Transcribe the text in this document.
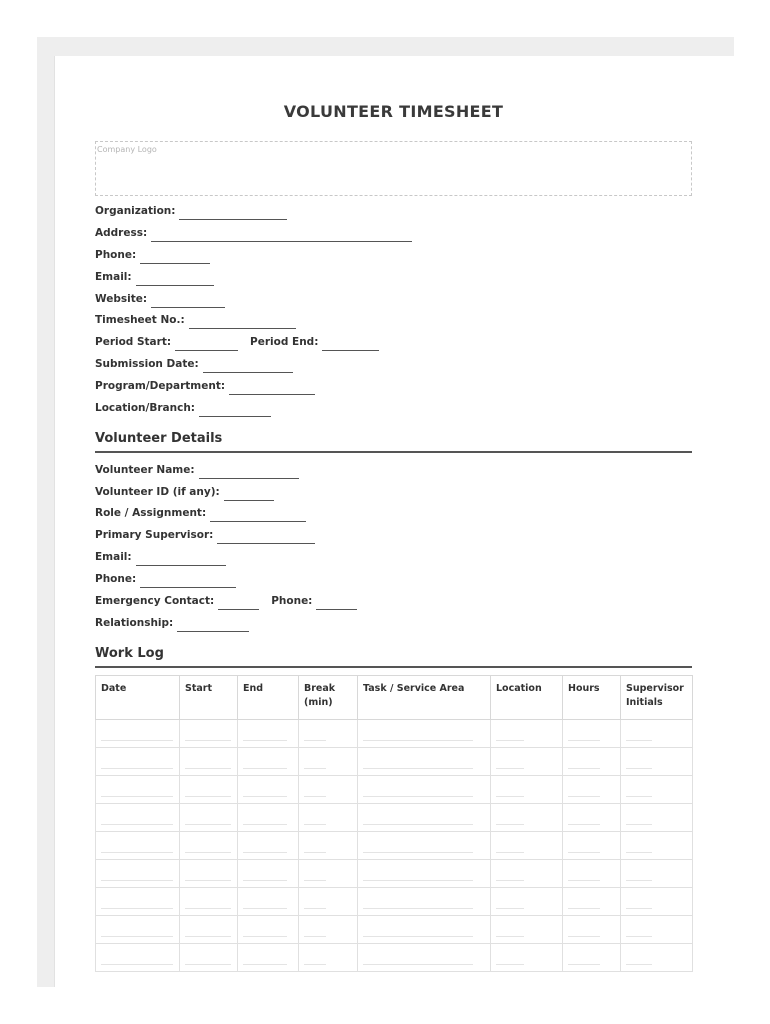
VOLUNTEER TIMESHEET
Company Logo
Organization:
Address:
Phone:
Email:
Website:
Timesheet No.:
Period Start:	Period End:
Submission Date:
Program/Department:
Location/Branch:
Volunteer Details
Volunteer Name:
Volunteer ID (if any):
Role / Assignment:
Primary Supervisor:
Email:
Phone:
Emergency Contact:	Phone:
Relationship:
Work Log
Date	Start	End	Break (min)	Task / Service Area	Location	Hours	Supervisor Initials
